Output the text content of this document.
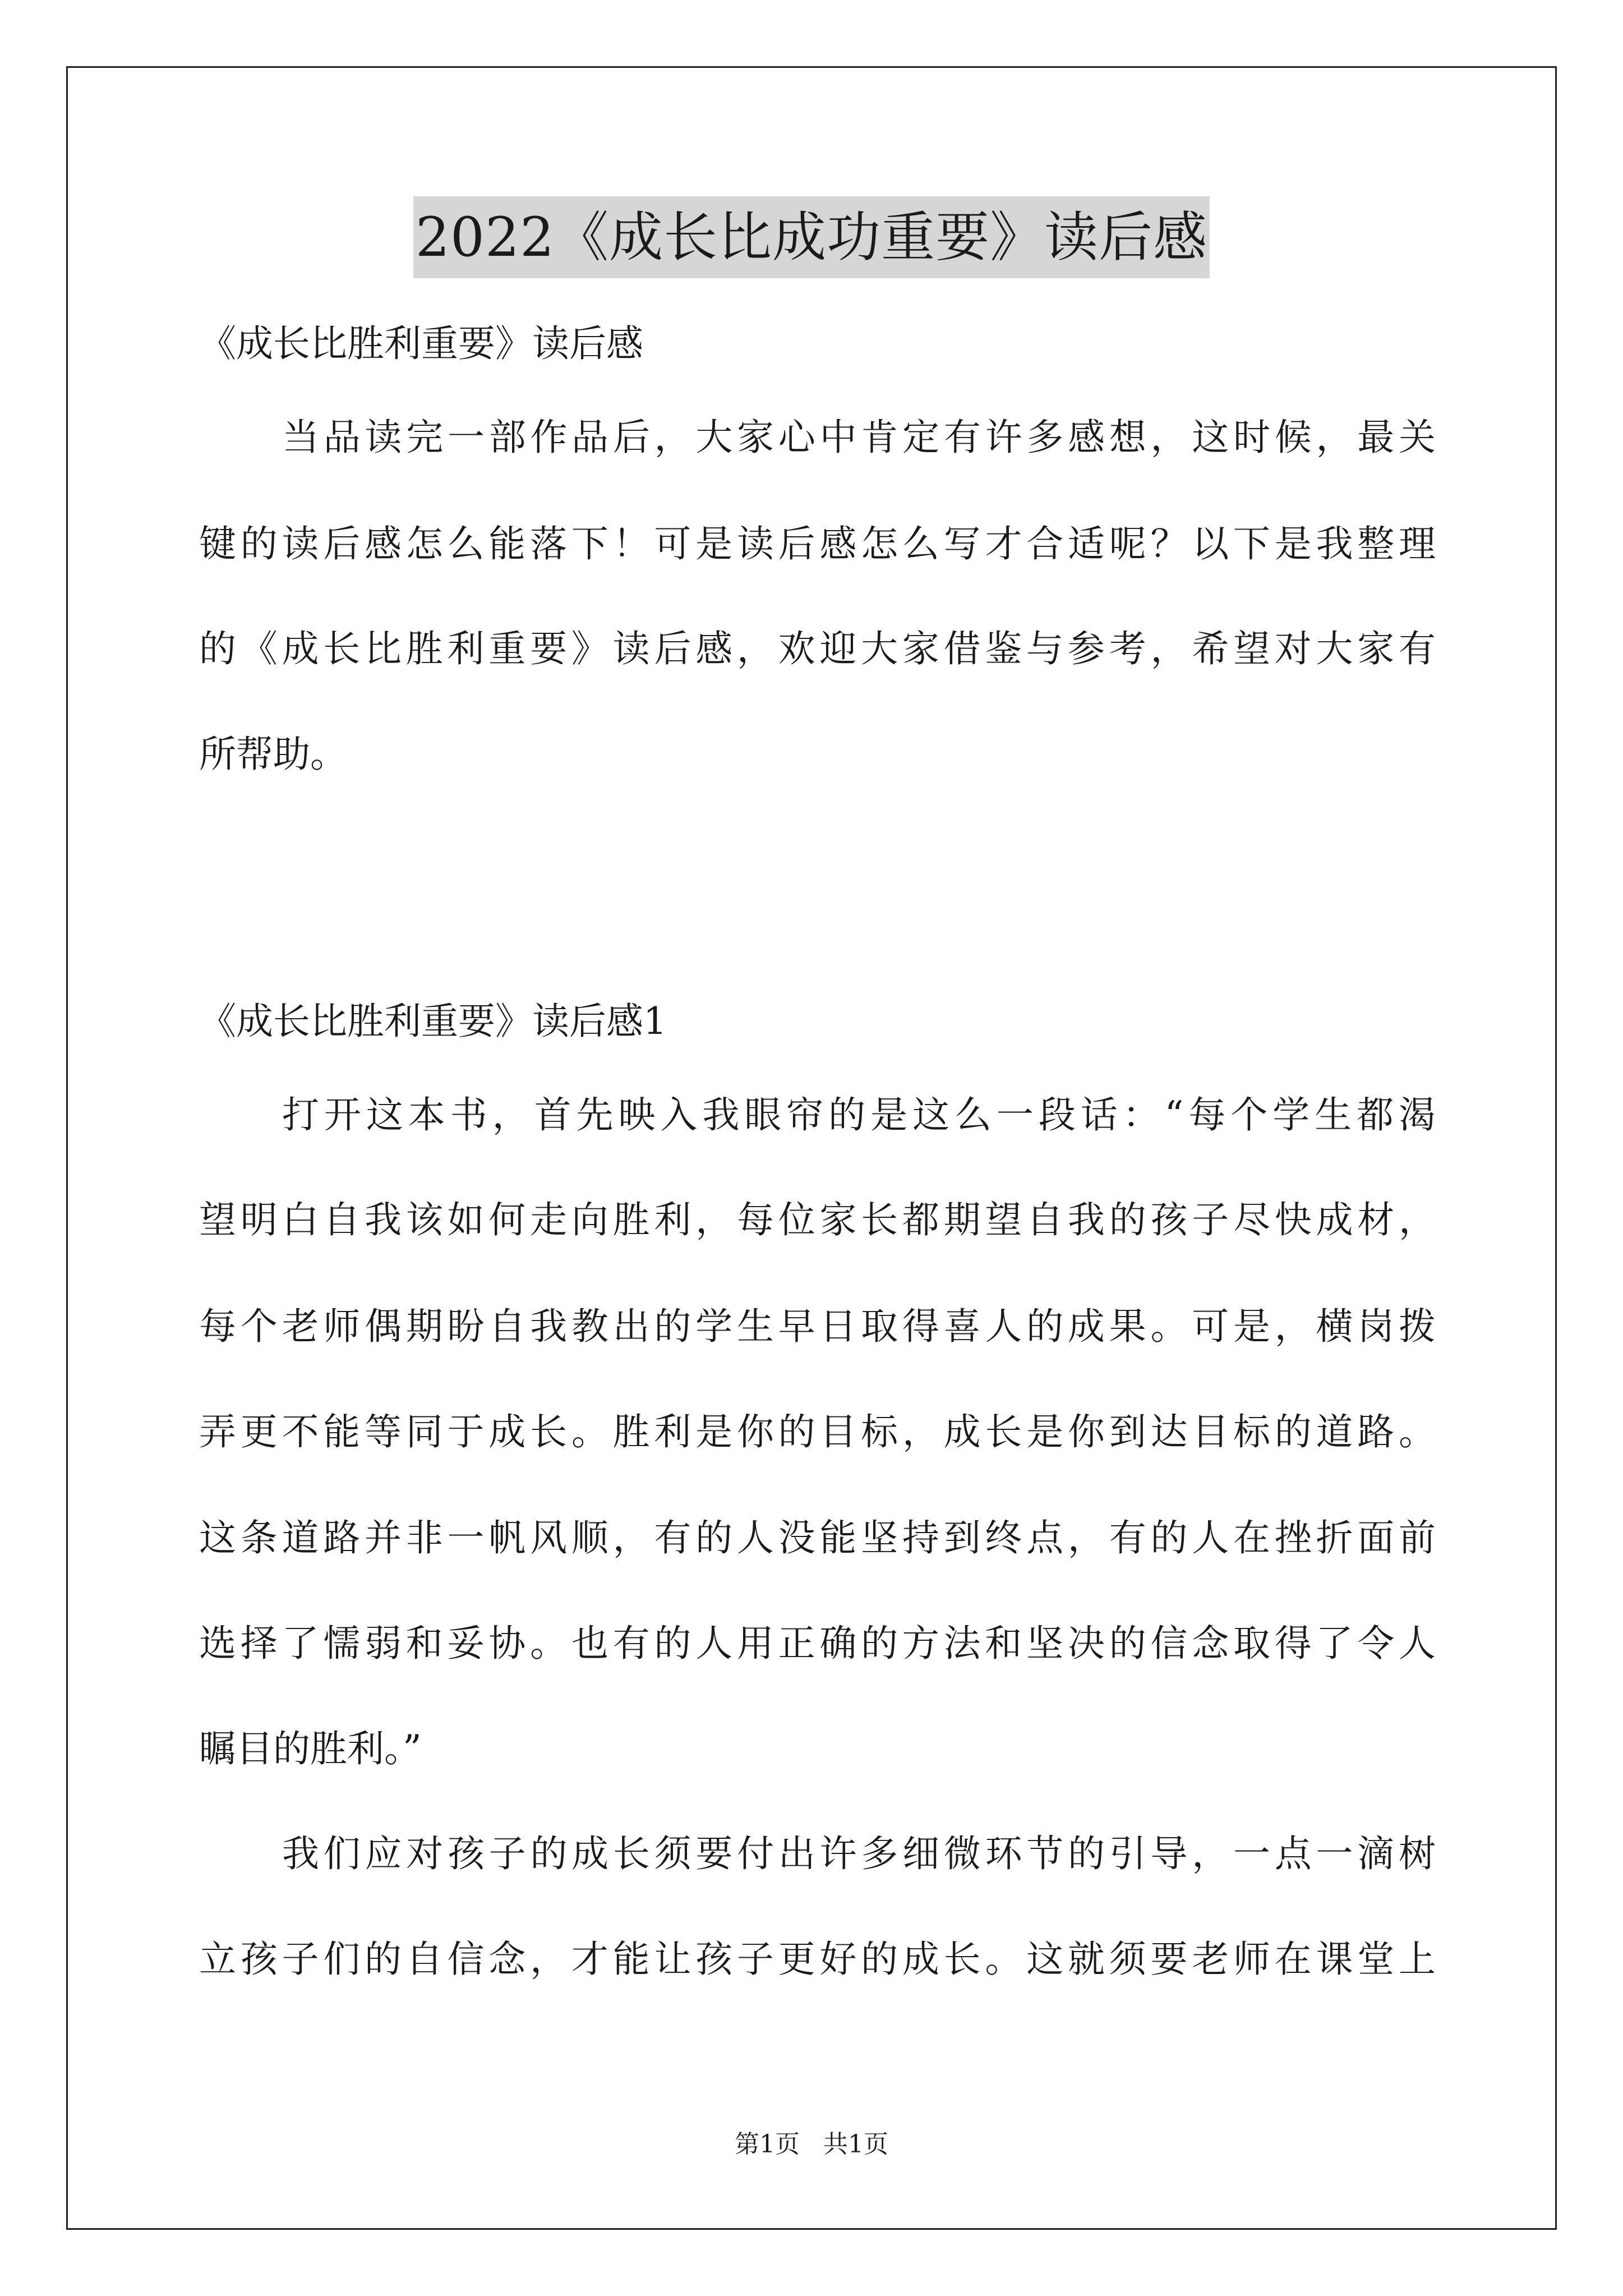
2022《成长比成功重要》读后感
《成长比胜利重要》读后感
当品读完一部作品后，大家心中肯定有许多感想，这时候，最关
键的读后感怎么能落下！可是读后感怎么写才合适呢？以下是我整理
的《成长比胜利重要》读后感，欢迎大家借鉴与参考，希望对大家有
所帮助。
《成长比胜利重要》读后感1
打开这本书，首先映入我眼帘的是这么一段话：“每个学生都渴
望明白自我该如何走向胜利，每位家长都期望自我的孩子尽快成材，
每个老师偶期盼自我教出的学生早日取得喜人的成果。可是，横岗拨
弄更不能等同于成长。胜利是你的目标，成长是你到达目标的道路。
这条道路并非一帆风顺，有的人没能坚持到终点，有的人在挫折面前
选择了懦弱和妥协。也有的人用正确的方法和坚决的信念取得了令人
瞩目的胜利。”
我们应对孩子的成长须要付出许多细微环节的引导，一点一滴树
立孩子们的自信念，才能让孩子更好的成长。这就须要老师在课堂上
第1页   共1页
